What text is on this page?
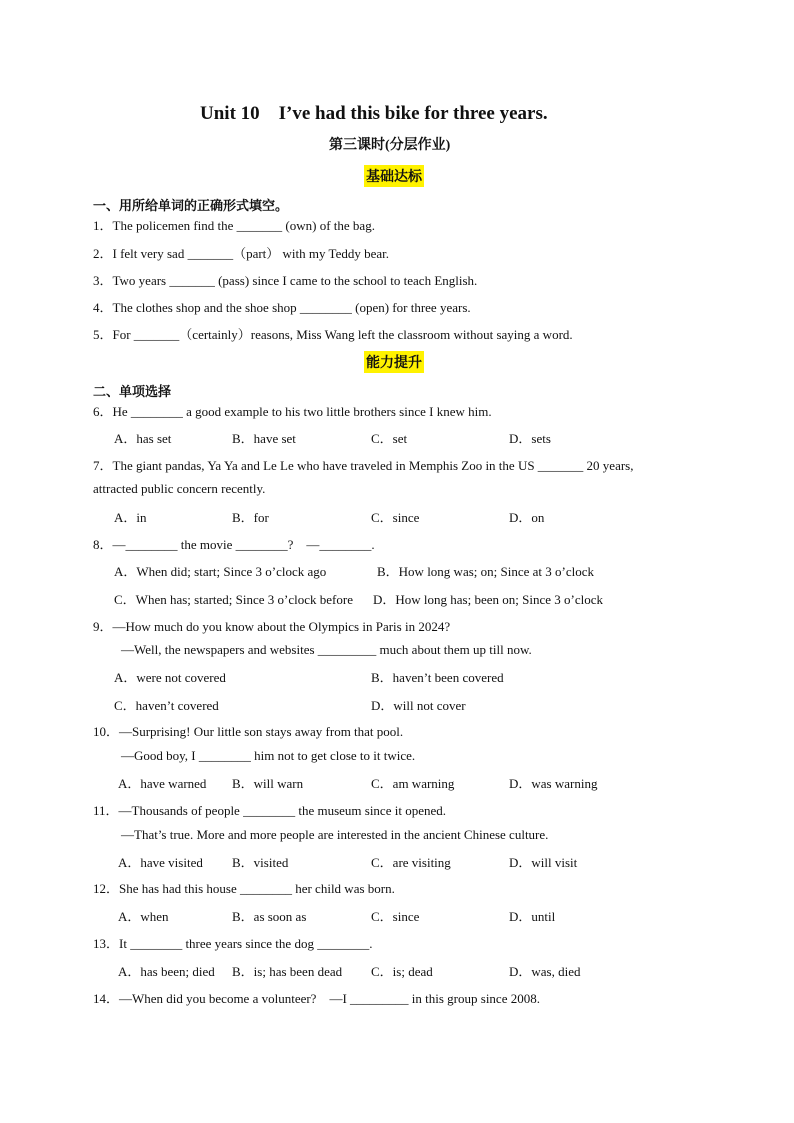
Unit 10　I’ve had this bike for three years.
第三课时(分层作业)
基础达标
一、用所给单词的正确形式填空。
1．The policemen find the _______ (own) of the bag.
2．I felt very sad _______（part） with my Teddy bear.
3．Two years _______ (pass) since I came to the school to teach English.
4．The clothes shop and the shoe shop ________ (open) for three years.
5．For _______（certainly）reasons, Miss Wang left the classroom without saying a word.
能力提升
二、单项选择
6．He ________ a good example to his two little brothers since I knew him.
A．has set	B．have set	C．set	D．sets
7．The giant pandas, Ya Ya and Le Le who have traveled in Memphis Zoo in the US _______ 20 years,
attracted public concern recently.
A．in	B．for	C．since	D．on
8．—________ the movie ________?　—________.
A．When did; start; Since 3 o’clock ago	B．How long was; on; Since at 3 o’clock
C．When has; started; Since 3 o’clock before D．How long has; been on; Since 3 o’clock
9．—How much do you know about the Olympics in Paris in 2024?
—Well, the newspapers and websites _________ much about them up till now.
A．were not covered	B．haven’t been covered
C．haven’t covered	D．will not cover
10．—Surprising! Our little son stays away from that pool.
—Good boy, I ________ him not to get close to it twice.
A．have warned B．will warn	C．am warning	D．was warning
11．—Thousands of people ________ the museum since it opened.
—That’s true. More and more people are interested in the ancient Chinese culture.
A．have visited B．visited	C．are visiting	D．will visit
12．She has had this house ________ her child was born.
A．when	B．as soon as	C．since	D．until
13．It ________ three years since the dog ________.
A．has been; died B．is; has been dead C．is; dead	D．was, died
14．—When did you become a volunteer?　—I _________ in this group since 2008.
